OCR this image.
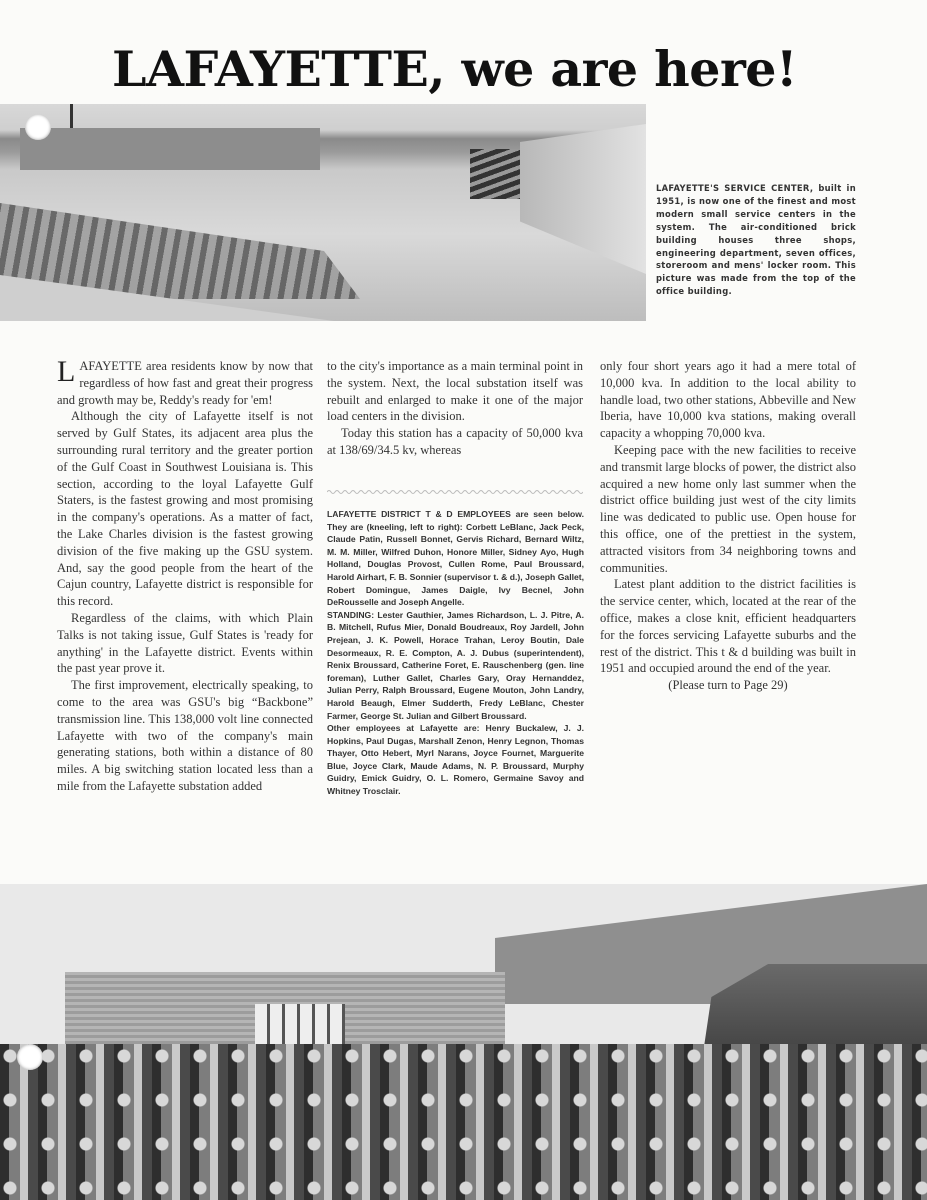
LAFAYETTE, we are here!
LAFAYETTE'S SERVICE CENTER, built in 1951, is now one of the finest and most modern small service centers in the system. The air-conditioned brick building houses three shops, engineering department, seven offices, storeroom and mens' locker room. This picture was made from the top of the office building.

LAFAYETTE area residents know by now that regardless of how fast and great their progress and growth may be, Reddy's ready for 'em!

Although the city of Lafayette itself is not served by Gulf States, its adjacent area plus the surrounding rural territory and the greater portion of the Gulf Coast in Southwest Louisiana is. This section, according to the loyal Lafayette Gulf Staters, is the fastest growing and most promising in the company's operations. As a matter of fact, the Lake Charles division is the fastest growing division of the five making up the GSU system. And, say the good people from the heart of the Cajun country, Lafayette district is responsible for this record.

Regardless of the claims, with which Plain Talks is not taking issue, Gulf States is 'ready for anything' in the Lafayette district. Events within the past year prove it.

The first improvement, electrically speaking, to come to the area was GSU's big “Backbone” transmission line. This 138,000 volt line connected Lafayette with two of the company's main generating stations, both within a distance of 80 miles. A big switching station located less than a mile from the Lafayette substation added

to the city's importance as a main terminal point in the system. Next, the local substation itself was rebuilt and enlarged to make it one of the major load centers in the division.

Today this station has a capacity of 50,000 kva at 138/69/34.5 kv, whereas

LAFAYETTE DISTRICT T & D EMPLOYEES are seen below. They are (kneeling, left to right): Corbett LeBlanc, Jack Peck, Claude Patin, Russell Bonnet, Gervis Richard, Bernard Wiltz, M. M. Miller, Wilfred Duhon, Honore Miller, Sidney Ayo, Hugh Holland, Douglas Provost, Cullen Rome, Paul Broussard, Harold Airhart, F. B. Sonnier (supervisor t. & d.), Joseph Gallet, Robert Domingue, James Daigle, Ivy Becnel, John DeRousselle and Joseph Angelle.

STANDING: Lester Gauthier, James Richardson, L. J. Pitre, A. B. Mitchell, Rufus Mier, Donald Boudreaux, Roy Jardell, John Prejean, J. K. Powell, Horace Trahan, Leroy Boutin, Dale Desormeaux, R. E. Compton, A. J. Dubus (superintendent), Renix Broussard, Catherine Foret, E. Rauschenberg (gen. line foreman), Luther Gallet, Charles Gary, Oray Hernanddez, Julian Perry, Ralph Broussard, Eugene Mouton, John Landry, Harold Beaugh, Elmer Sudderth, Fredy LeBlanc, Chester Farmer, George St. Julian and Gilbert Broussard.

Other employees at Lafayette are: Henry Buckalew, J. J. Hopkins, Paul Dugas, Marshall Zenon, Henry Legnon, Thomas Thayer, Otto Hebert, Myrl Narans, Joyce Fournet, Marguerite Blue, Joyce Clark, Maude Adams, N. P. Broussard, Murphy Guidry, Emick Guidry, O. L. Romero, Germaine Savoy and Whitney Trosclair.

only four short years ago it had a mere total of 10,000 kva. In addition to the local ability to handle load, two other stations, Abbeville and New Iberia, have 10,000 kva stations, making overall capacity a whopping 70,000 kva.

Keeping pace with the new facilities to receive and transmit large blocks of power, the district also acquired a new home only last summer when the district office building just west of the city limits line was dedicated to public use. Open house for this office, one of the prettiest in the system, attracted visitors from 34 neighboring towns and communities.

Latest plant addition to the district facilities is the service center, which, located at the rear of the office, makes a close knit, efficient headquarters for the forces servicing Lafayette suburbs and the rest of the district. This t & d building was built in 1951 and occupied around the end of the year.

(Please turn to Page 29)
